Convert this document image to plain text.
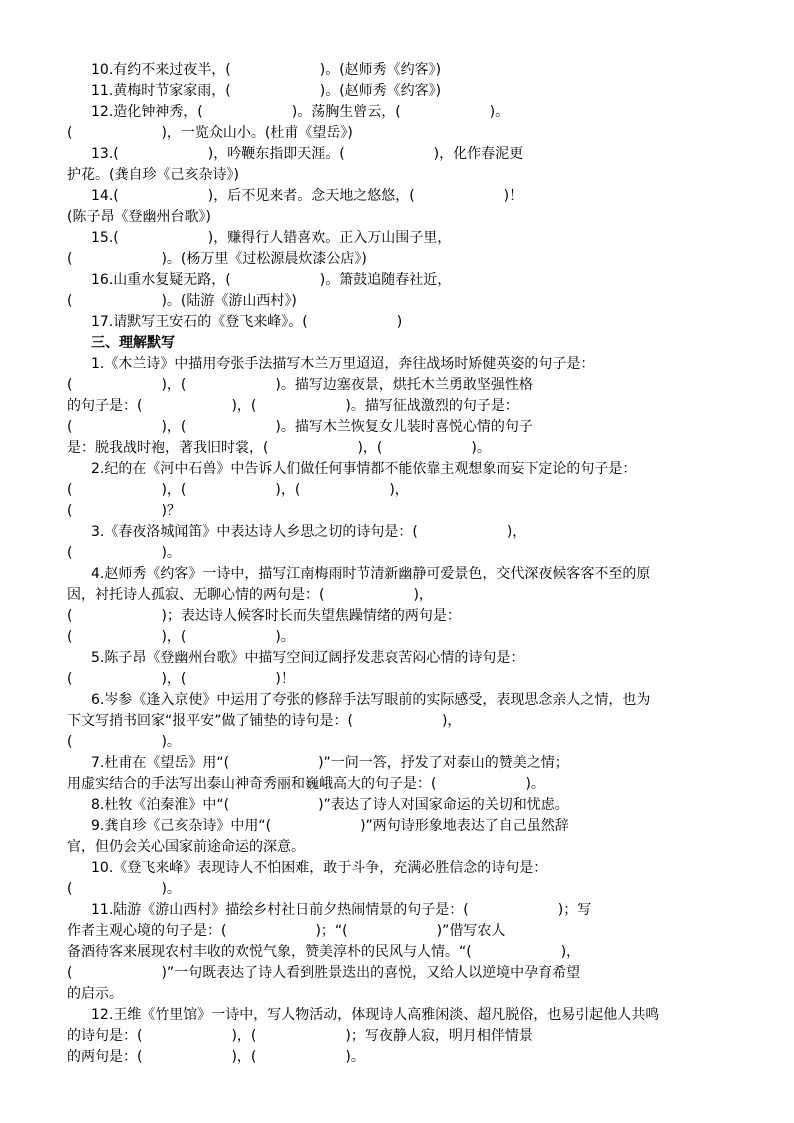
10.有约不来过夜半，(                    )。(赵师秀《约客》)
11.黄梅时节家家雨，(                    )。(赵师秀《约客》)
12.造化钟神秀，(                    )。荡胸生曾云，(                    )。
(                    )，一览众山小。(杜甫《望岳》)
13.(                    )，吟鞭东指即天涯。(                    )，化作春泥更
护花。(龚自珍《己亥杂诗》)
14.(                    )，后不见来者。念天地之悠悠，(                    )！
(陈子昂《登幽州台歌》)
15.(                    )，赚得行人错喜欢。正入万山围子里，
(                    )。(杨万里《过松源晨炊漆公店》)
16.山重水复疑无路，(                    )。箫鼓追随春社近，
(                    )。(陆游《游山西村》)
17.请默写王安石的《登飞来峰》。(                    )
三、理解默写
1.《木兰诗》中描用夸张手法描写木兰万里迢迢，奔往战场时矫健英姿的句子是：
(                    )，(                    )。描写边塞夜景，烘托木兰勇敢坚强性格
的句子是：(                    )，(                    )。描写征战激烈的句子是：
(                    )，(                    )。描写木兰恢复女儿装时喜悦心情的句子
是：脱我战时袍，著我旧时裳，(                    )，(                    )。
2.纪的在《河中石兽》中告诉人们做任何事情都不能依靠主观想象而妄下定论的句子是：
(                    )，(                    )，(                    )，
(                    )？
3.《春夜洛城闻笛》中表达诗人乡思之切的诗句是：(                    )，
(                    )。
4.赵师秀《约客》一诗中，描写江南梅雨时节清新幽静可爱景色，交代深夜候客客不至的原
因，衬托诗人孤寂、无聊心情的两句是：(                    )，
(                    )；表达诗人候客时长而失望焦躁情绪的两句是：
(                    )，(                    )。
5.陈子昂《登幽州台歌》中描写空间辽阔抒发悲哀苦闷心情的诗句是：
(                    )，(                    )！
6.岑参《逢入京使》中运用了夸张的修辞手法写眼前的实际感受，表现思念亲人之情，也为
下文写捎书回家“报平安”做了铺垫的诗句是：(                    )，
(                    )。
7.杜甫在《望岳》用“(                    )”一问一答，抒发了对泰山的赞美之情；
用虚实结合的手法写出泰山神奇秀丽和巍峨高大的句子是：(                    )。
8.杜牧《泊秦淮》中“(                    )”表达了诗人对国家命运的关切和忧虑。
9.龚自珍《己亥杂诗》中用“(                    )”两句诗形象地表达了自己虽然辞
官，但仍会关心国家前途命运的深意。
10.《登飞来峰》表现诗人不怕困难，敢于斗争，充满必胜信念的诗句是：
(                    )。
11.陆游《游山西村》描绘乡村社日前夕热闹情景的句子是：(                    )；写
作者主观心境的句子是：(                    )；“(                    )”借写农人
备酒待客来展现农村丰收的欢悦气象，赞美淳朴的民风与人情。“(                    )，
(                    )”一句既表达了诗人看到胜景迭出的喜悦，又给人以逆境中孕育希望
的启示。
12.王维《竹里馆》一诗中，写人物活动，体现诗人高雅闲淡、超凡脱俗，也易引起他人共鸣
的诗句是：(                    )，(                    )；写夜静人寂，明月相伴情景
的两句是：(                    )，(                    )。
